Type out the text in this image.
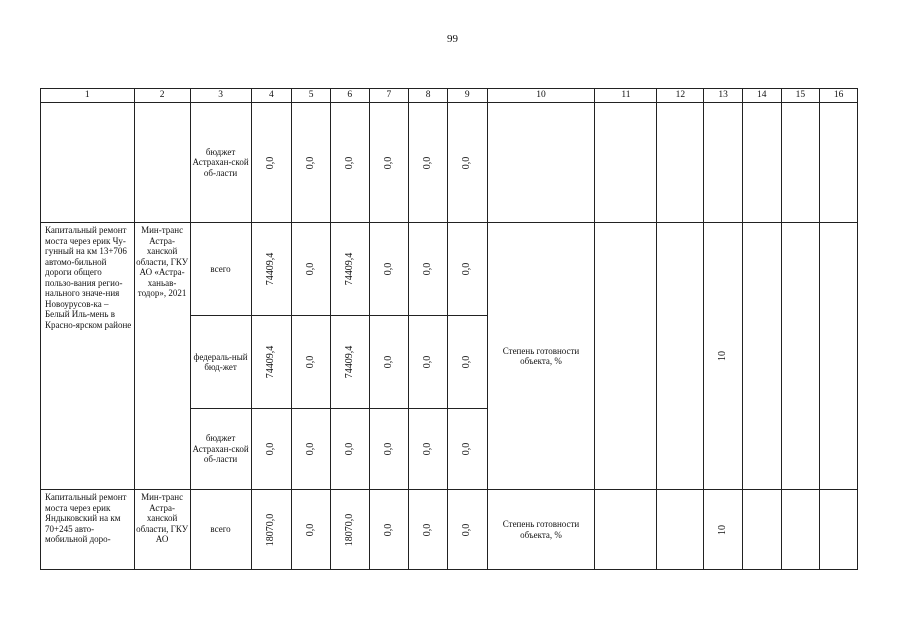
99
1	2	3	4	5	6	7	8	9	10	11	12	13	14	15	16
		бюджет Астрахан-ской об-ласти	0,0	0,0	0,0	0,0	0,0	0,0							

Капитальный ремонт моста через ерик Чу-гунный на км 13+706 автомо-бильной дороги общего пользо-вания регио-нального значе-ния Новоурусов-ка – Белый Иль-мень в Красно-ярском районе	Мин-транс Астра-ханской области, ГКУ АО «Астра-ханьав-тодор», 2021	всего	74409,4	0,0	74409,4	0,0	0,0	0,0	Степень готовности объекта, %			10			

		федераль-ный бюд-жет	74409,4	0,0	74409,4	0,0	0,0	0,0							

		бюджет Астрахан-ской об-ласти	0,0	0,0	0,0	0,0	0,0	0,0							

Капитальный ремонт моста через ерик Яндыковский на км 70+245 авто-мобильной доро-	Мин-транс Астра-ханской области, ГКУ АО	всего	18070,0	0,0	18070,0	0,0	0,0	0,0	Степень готовности объекта, %			10			
